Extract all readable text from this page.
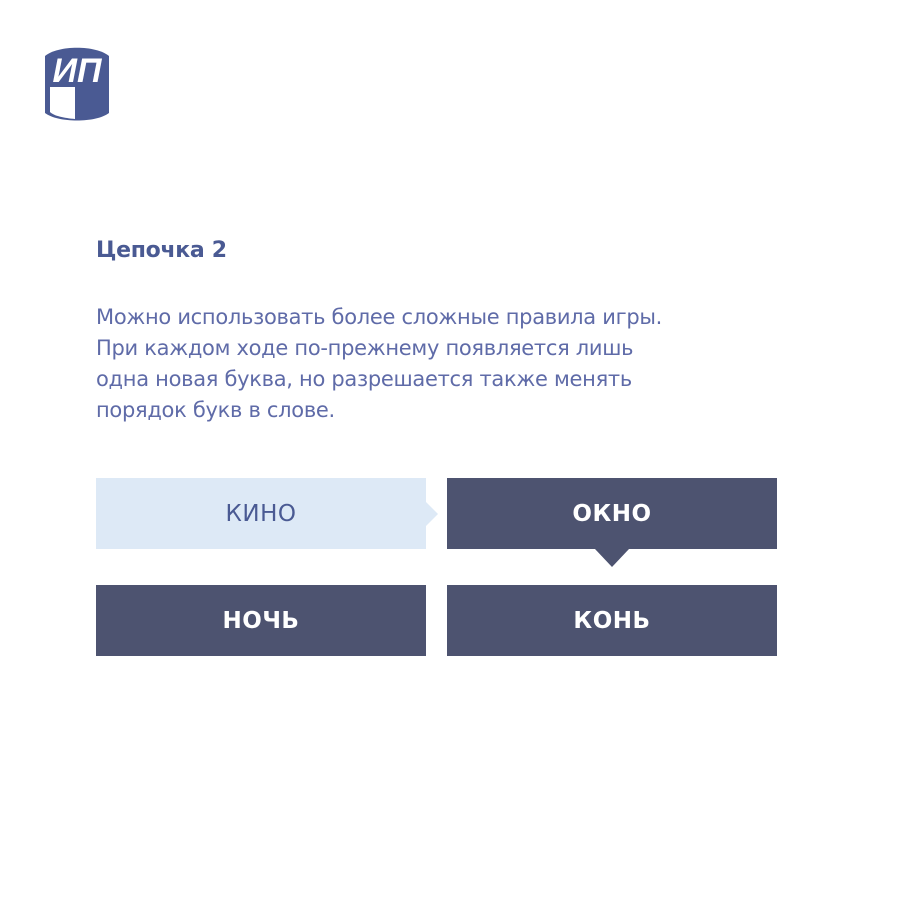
ИП
Цепочка 2
Можно использовать более сложные правила игры.
При каждом ходе по-прежнему появляется лишь
одна новая буква, но разрешается также менять
порядок букв в слове.
КИНО	ОКНО
КОНЬ
НОЧЬ
